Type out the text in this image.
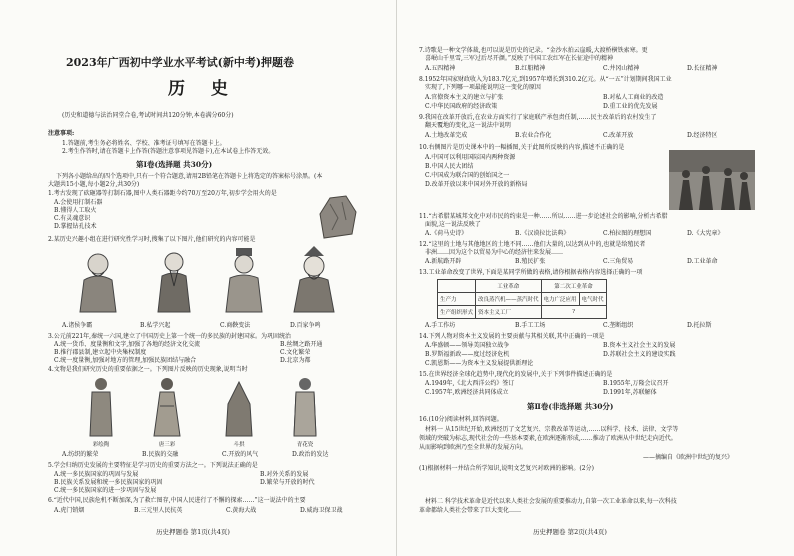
2023年广西初中学业水平考试(新中考)押题卷
历 史
(历史和道德与法治同堂合卷,考试时间共120分钟,本卷满分60分)
注意事项:
1.答题前,考生务必将姓名、学校、准考证号填写在答题卡上。
2.考生作答时,请在答题卡上作答(答题注意事项见答题卡),在本试卷上作答无效。
第Ⅰ卷(选择题 共30分)
下列各小题给出的四个选项中,只有一个符合题意,请用2B铅笔在答题卡上将选定的答案标号涂黑。(本
大题共15小题,每小题2分,共30分)
1.考古发现了砍砸器等打制石器,图中人类石器距今约70万至20万年,初步学会用火的是
A.会使用打制石器
B.懂得人工取火
C.有灵魂意识
D.掌握钻孔技术
2.某历史兴趣小组在进行研究性学习时,搜集了以下图片,他们研究的内容可能是
A.诸侯争霸	B.私学兴起	C.商鞅变法	D.百家争鸣
3.公元前221年,秦统一六国,建立了中国历史上第一个统一的多民族的封建国家。为巩固统治
A.统一货币、度量衡和文字,加强了各地的经济文化交流
B.推行郡县制,建立起中央集权制度
C.统一度量衡,加强对地方的管理,加强民族团结与融合
B.丝绸之路开通
C.文化繁荣
D.北京为都
4.文物是我们研究历史的重要依据之一。下列图片反映的历史现象,说明当时
彩绘陶	唐三彩	斗拱	青花瓷
A.纺织的繁荣	B.民族的交融	C.开放的风气	D.政治的发达
5.学会归纳历史发展的主要特征是学习历史的重要方法之一。下列说法正确的是
A.统一多民族国家的巩固与发展
B.民族关系发展和统一多民族国家的巩固
C.统一多民族国家的进一步巩固与发展
B.对外关系的发展
D.繁荣与开放的时代
6.“近代中国,民族危机不断加深,为了救亡图存,中国人民进行了不懈的探索……”这一说法中的主要
A.虎门销烟	B.三元里人民抗英	C.黄海大战	D.威海卫保卫战
历史押题卷 第1页(共4页)
7.诗歌是一种文学体裁,也可以说是历史的记录。“金沙水拍云崖暖,大渡桥横铁索寒。更
喜岷山千里雪,三军过后尽开颜。”反映了中国工农红军在长征途中的精神
A.五四精神	B.红船精神	C.井冈山精神	D.长征精神
8.1952年国家财政收入为183.7亿元,到1957年增长到310.2亿元。从“一五”计划期间我国工业
实现了,下列哪一项最能说明这一变化的原因
A.官僚资本主义的建立与扩张	B.对私人工商业的改造
C.中华民国政府的经济政策	D.重工业的优先发展
9.我国在改革开放后,在农业方面实行了家庭联产承包责任制,……民主改革后的农村发生了
翻天覆地的变化,这一说法中说明
A.土地改革完成	B.农业合作化	C.改革开放	D.经济特区
10.右侧图片是历史课本中的一幅插图,关于此图所反映的内容,描述不正确的是
A.中国可以利用国际国内两种资源
B.中国人民大团结
C.中国成为联合国的创始国之一
D.改革开放以来中国对外开放的新格局
11.“古希腊某城邦文化中对市民的约束是一种……所以……进一步论述社会的影响,分析古希腊
面貌,这一说法反映了
A.《荷马史诗》	B.《汉谟拉比法典》	C.柏拉图的理想国	D.《大宪章》
12.“这里的土地与其他地区的土地不同……他们大量的,以达到从中的,也就是给殖民者
非洲……因为这个以贸易为中心的经济往来发展……
A.新航路开辟	B.殖民扩张	C.三角贸易	D.工业革命
13.工业革命改变了世界,下面是某同学所做的表格,请你根据表格内容选择正确的一项
	工业革命	第二次工业革命	
生产力	改良蒸汽机——蒸汽时代	电力广泛应用	电气时代
生产组织形式	资本主义工厂	?	
A.手工作坊	B.手工工场	C.垄断组织	D.托拉斯
14.下列人物对资本主义发展的主要贡献与其相关联,其中正确的一项是
A.华盛顿——领导美国独立战争
B.罗斯福新政——度过经济危机
C.凯恩斯——为资本主义发展提供新理论
B.资本主义社会主义的发展
D.苏联社会主义的建设实践
15.在世界经济全球化趋势中,现代化的发展中,关于下列事件描述正确的是
A.1949年,《北大西洋公约》签订
C.1957年,欧洲经济共同体成立
B.1955年,万隆会议召开
D.1991年,苏联解体
第Ⅱ卷(非选择题 共30分)
16.(10分)阅读材料,回答问题。
材料一 从15世纪开始,欧洲经历了文艺复兴、宗教改革等运动,……以科学、技术、法律、文学等
领域的突破为标志,现代社会的一些基本要素,在欧洲逐渐形成,……推动了欧洲从中世纪走向近代。
从而影响到欧洲乃至全世界的发展方向。
——摘编自《欧洲中世纪的复兴》
(1)根据材料一并结合所学知识,说明文艺复兴对欧洲的影响。(2分)
材料二 科学技术革命是近代以来人类社会发展的重要推动力,自第一次工业革命以来,每一次科技
革命都给人类社会带来了巨大变化……
历史押题卷 第2页(共4页)
